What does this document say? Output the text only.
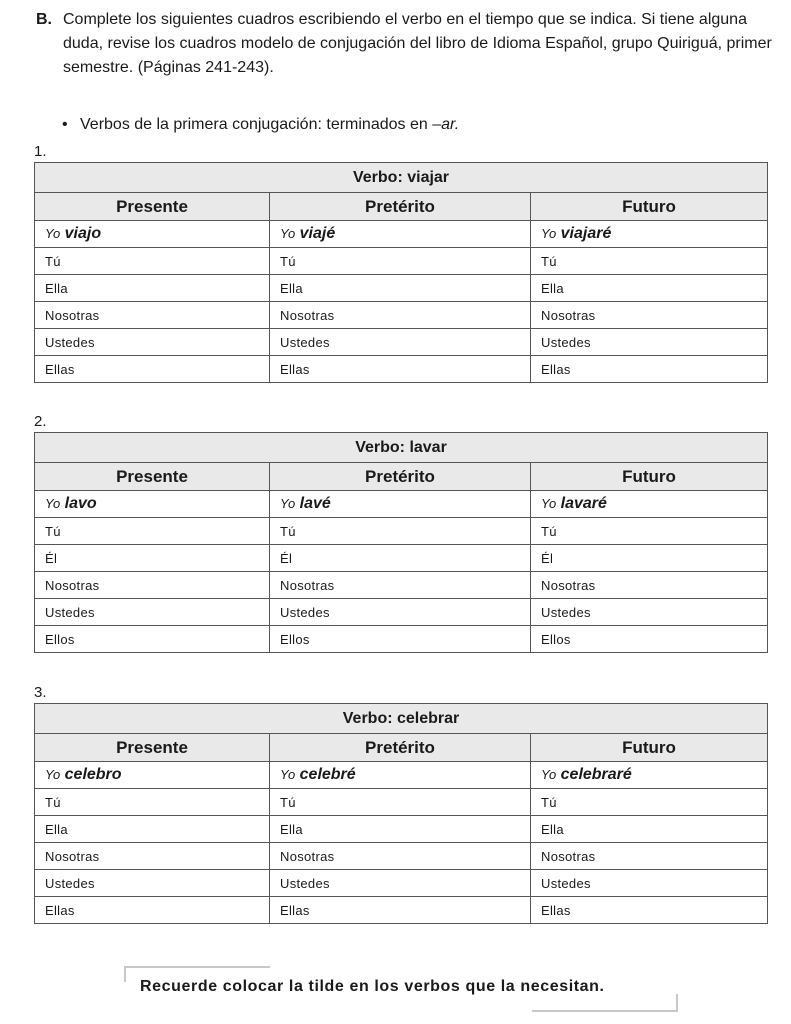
B. Complete los siguientes cuadros escribiendo el verbo en el tiempo que se indica. Si tiene alguna duda, revise los cuadros modelo de conjugación del libro de Idioma Español, grupo Quiriguá, primer semestre. (Páginas 241-243).
• Verbos de la primera conjugación: terminados en –ar.
1.
Verbo: viajar		
Presente	Pretérito	Futuro
Yo viajo	Yo viajé	Yo viajaré
Tú	Tú	Tú
Ella	Ella	Ella
Nosotras	Nosotras	Nosotras
Ustedes	Ustedes	Ustedes
Ellas	Ellas	Ellas
2.
Verbo: lavar		
Presente	Pretérito	Futuro
Yo lavo	Yo lavé	Yo lavaré
Tú	Tú	Tú
Él	Él	Él
Nosotras	Nosotras	Nosotras
Ustedes	Ustedes	Ustedes
Ellos	Ellos	Ellos
3.
Verbo: celebrar		
Presente	Pretérito	Futuro
Yo celebro	Yo celebré	Yo celebraré
Tú	Tú	Tú
Ella	Ella	Ella
Nosotras	Nosotras	Nosotras
Ustedes	Ustedes	Ustedes
Ellas	Ellas	Ellas
Recuerde colocar la tilde en los verbos que la necesitan.
